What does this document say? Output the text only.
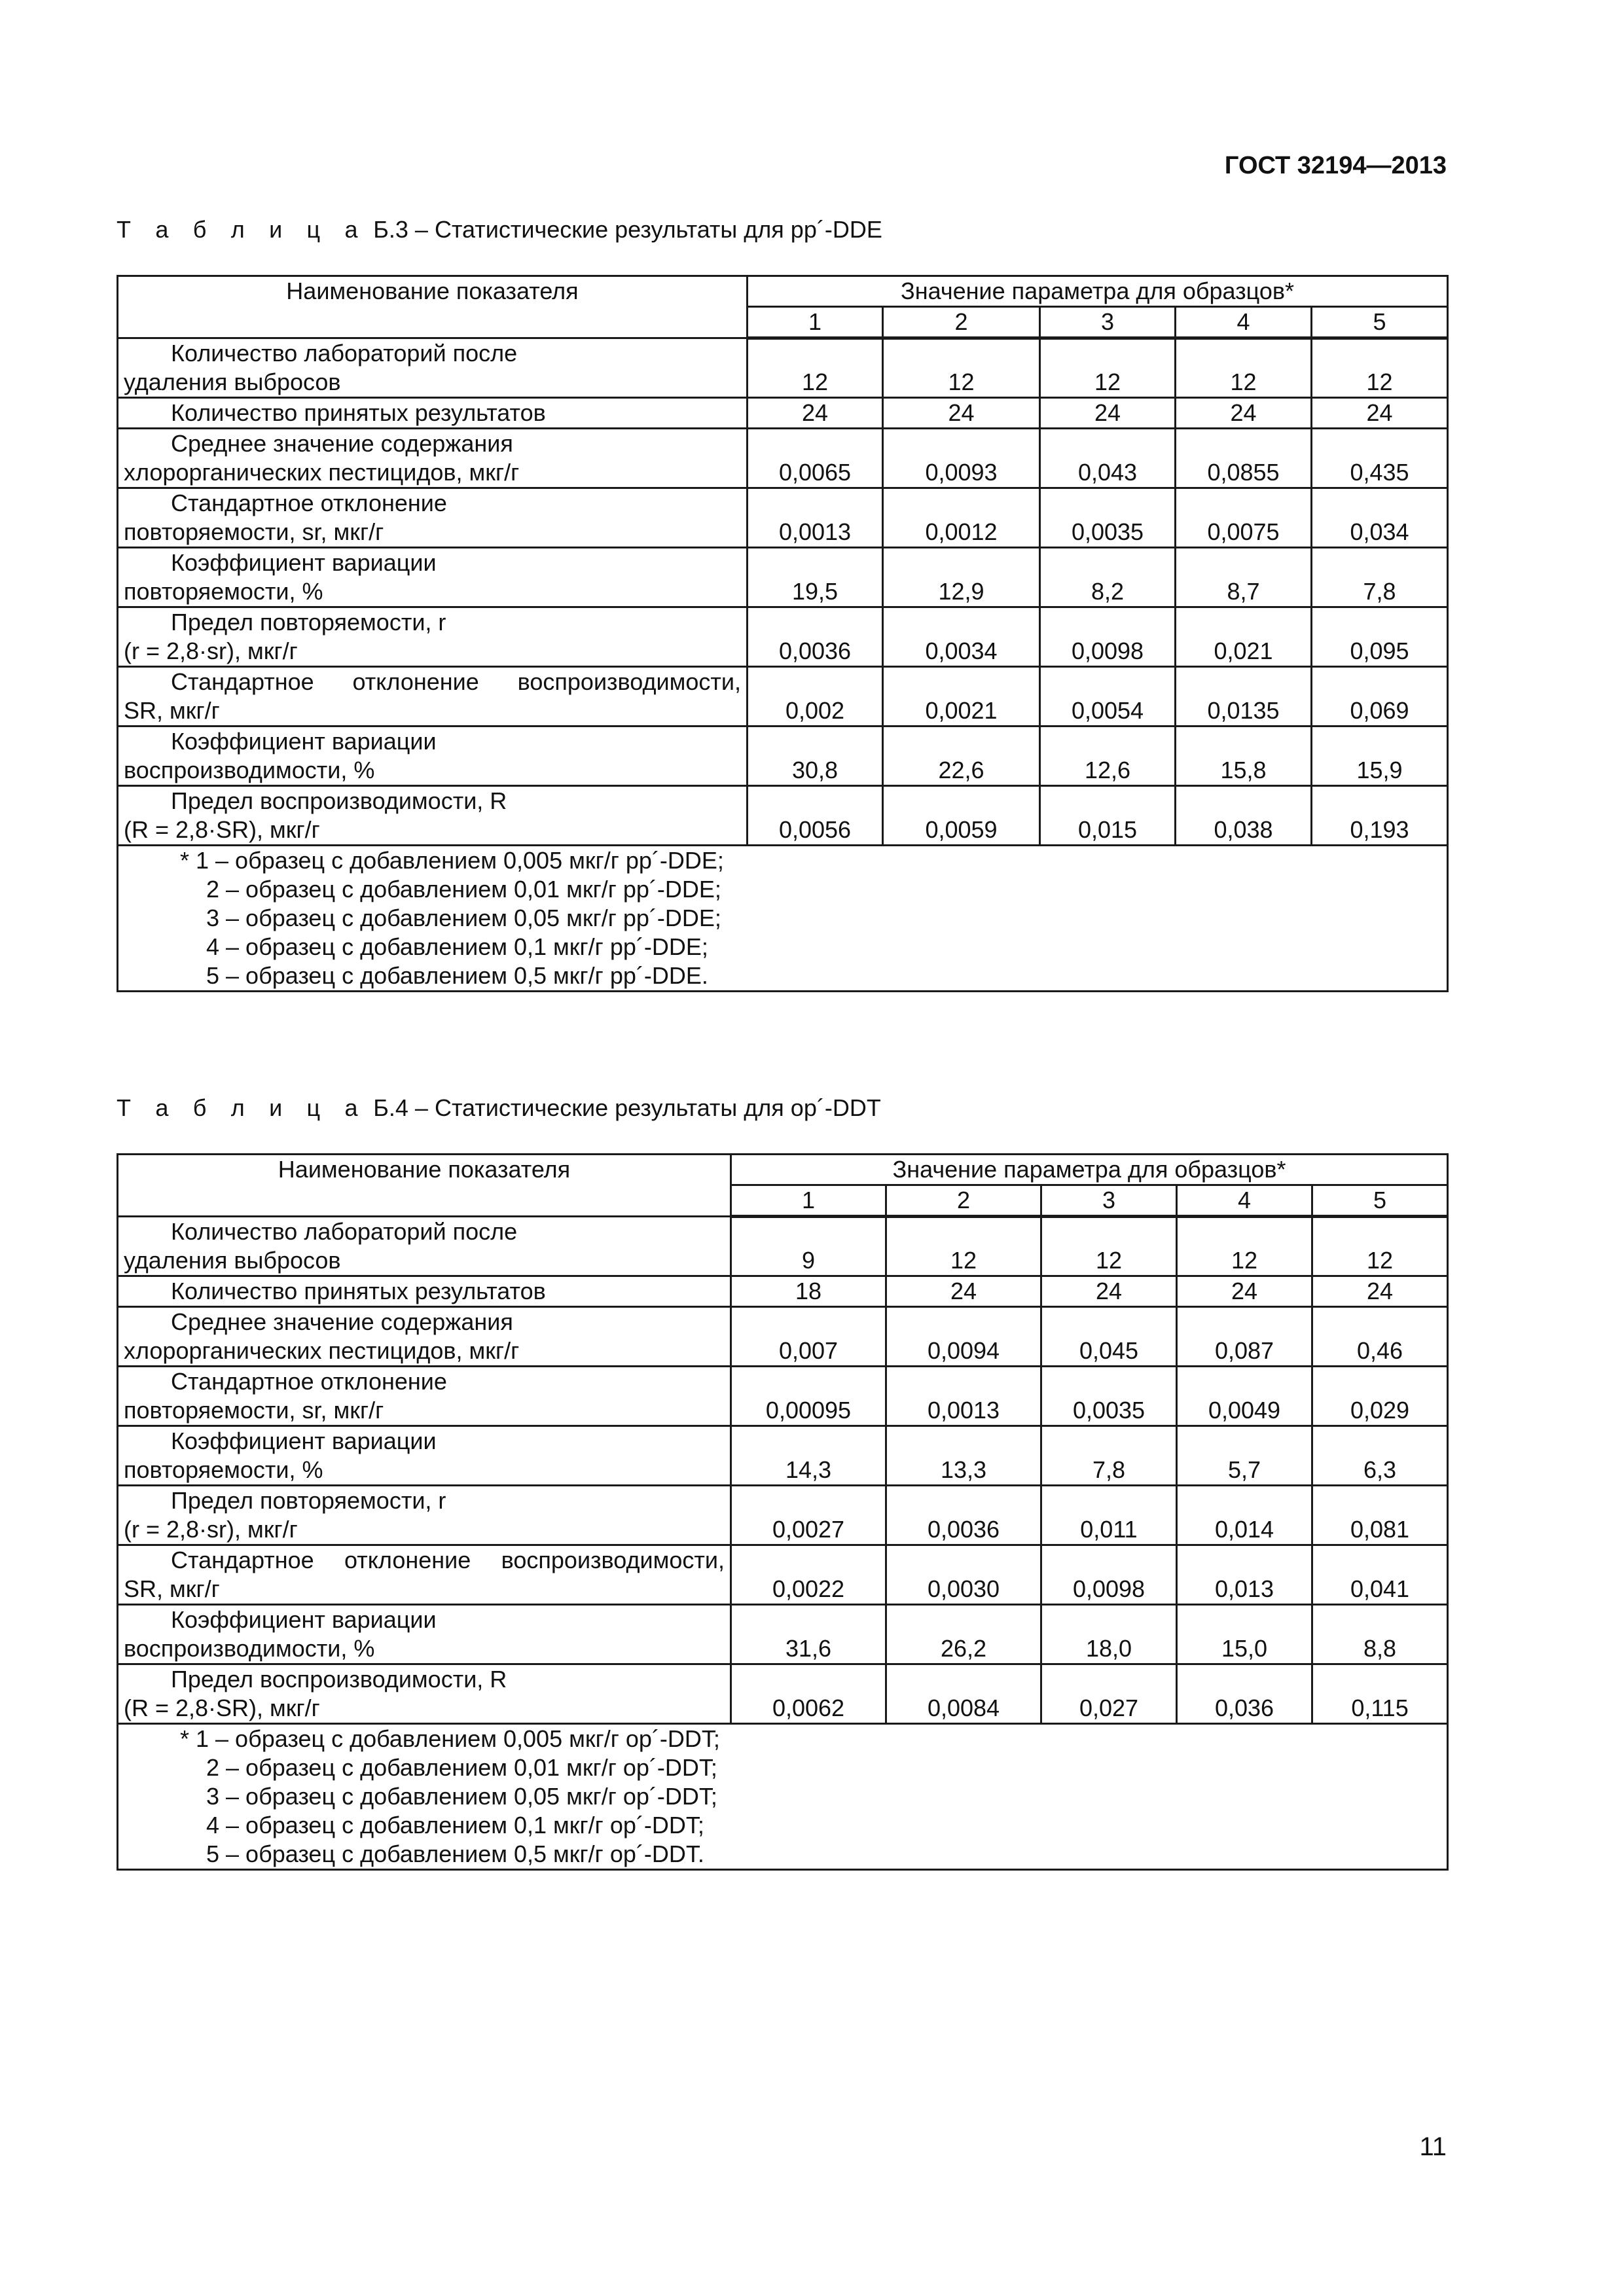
ГОСТ 32194—2013
Т а б л и ц а Б.3 – Статистические результаты для pp´-DDE
Наименование показателя	Значение параметра для образцов*				
	1	2	3	4	5

Количество лабораторий после
удаления выбросов	12	12	12	12	12

Количество принятых результатов	24	24	24	24	24

Среднее значение содержания
хлорорганических пестицидов, мкг/г	0,0065	0,0093	0,043	0,0855	0,435

Стандартное отклонение
повторяемости, sr, мкг/г	0,0013	0,0012	0,0035	0,0075	0,034

Коэффициент вариации
повторяемости, %	19,5	12,9	8,2	8,7	7,8

Предел повторяемости, r
(r = 2,8·sr), мкг/г	0,0036	0,0034	0,0098	0,021	0,095

Стандартное отклонение воспроизводимости,
SR, мкг/г	0,002	0,0021	0,0054	0,0135	0,069

Коэффициент вариации
воспроизводимости, %	30,8	22,6	12,6	15,8	15,9

Предел воспроизводимости, R
(R = 2,8·SR), мкг/г	0,0056	0,0059	0,015	0,038	0,193

* 1 – образец с добавлением 0,005 мкг/г pp´-DDE;
2 – образец с добавлением 0,01 мкг/г pp´-DDE;
3 – образец с добавлением 0,05 мкг/г pp´-DDE;
4 – образец с добавлением 0,1 мкг/г pp´-DDE;
5 – образец с добавлением 0,5 мкг/г pp´-DDE.					
Т а б л и ц а Б.4 – Статистические результаты для op´-DDT
Наименование показателя	Значение параметра для образцов*				
	1	2	3	4	5

Количество лабораторий после
удаления выбросов	9	12	12	12	12

Количество принятых результатов	18	24	24	24	24

Среднее значение содержания
хлорорганических пестицидов, мкг/г	0,007	0,0094	0,045	0,087	0,46

Стандартное отклонение
повторяемости, sr, мкг/г	0,00095	0,0013	0,0035	0,0049	0,029

Коэффициент вариации
повторяемости, %	14,3	13,3	7,8	5,7	6,3

Предел повторяемости, r
(r = 2,8·sr), мкг/г	0,0027	0,0036	0,011	0,014	0,081

Стандартное отклонение воспроизводимости,
SR, мкг/г	0,0022	0,0030	0,0098	0,013	0,041

Коэффициент вариации
воспроизводимости, %	31,6	26,2	18,0	15,0	8,8

Предел воспроизводимости, R
(R = 2,8·SR), мкг/г	0,0062	0,0084	0,027	0,036	0,115

* 1 – образец с добавлением 0,005 мкг/г op´-DDT;
2 – образец с добавлением 0,01 мкг/г op´-DDT;
3 – образец с добавлением 0,05 мкг/г op´-DDT;
4 – образец с добавлением 0,1 мкг/г op´-DDT;
5 – образец с добавлением 0,5 мкг/г op´-DDT.					
11
